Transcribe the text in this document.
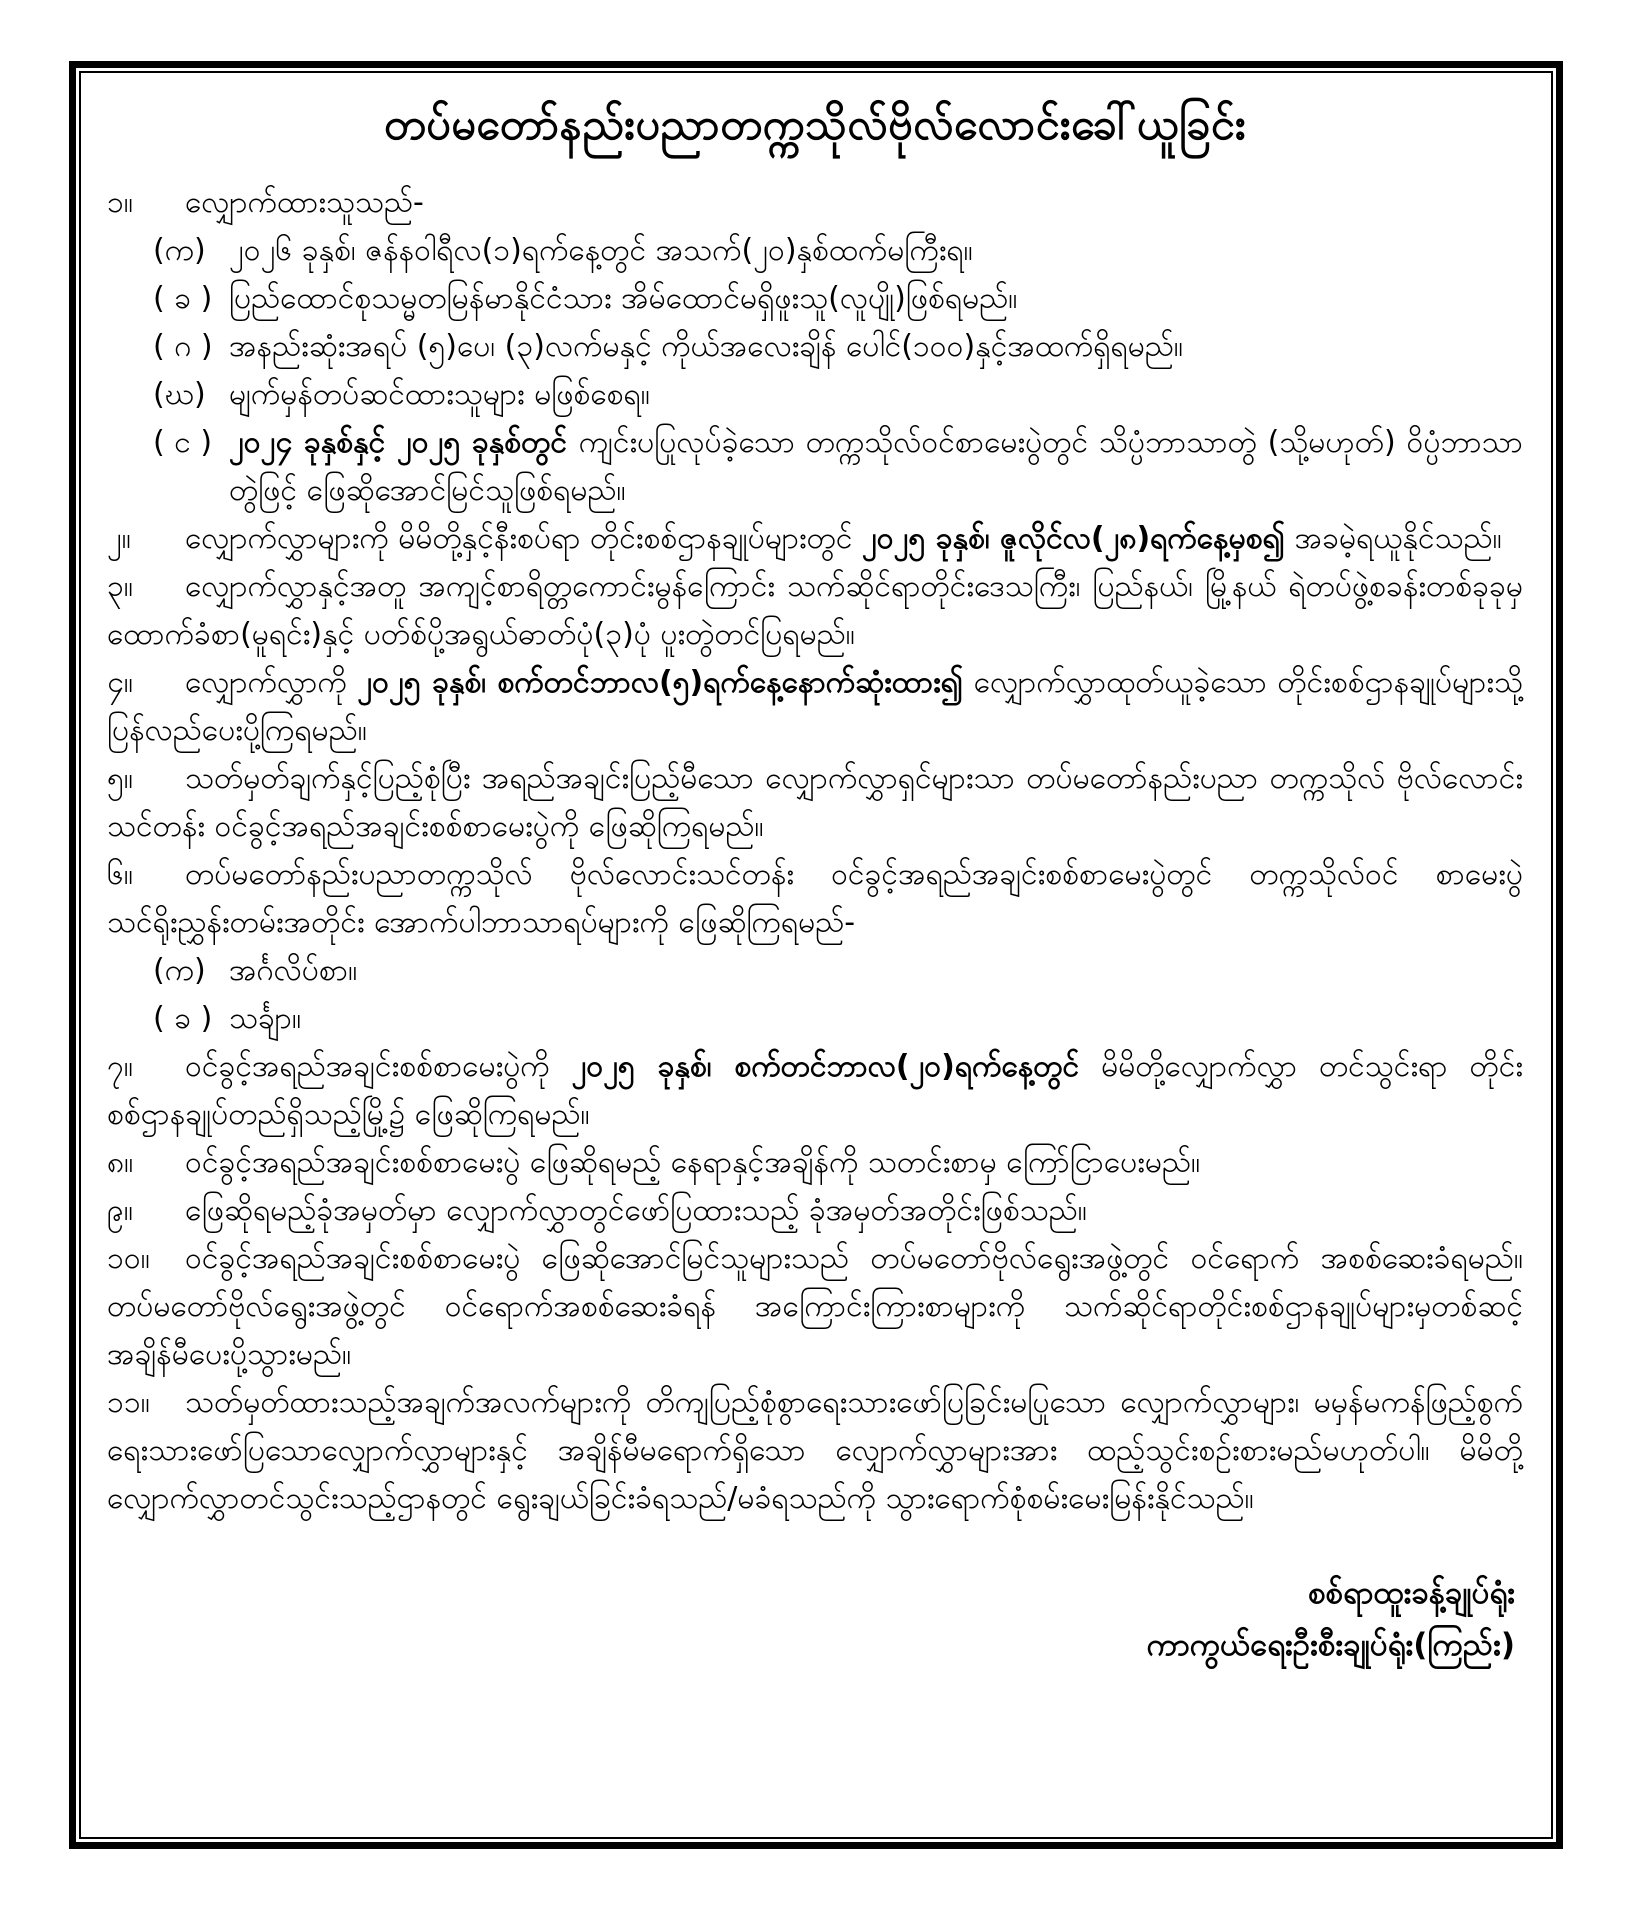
တပ်မတော်နည်းပညာတက္ကသိုလ်ဗိုလ်လောင်းခေါ်ယူခြင်း
၁။ လျှောက်ထားသူသည်-
(က) ၂၀၂၆ ခုနှစ်၊ ဇန်နဝါရီလ(၁)ရက်နေ့တွင် အသက်(၂၀)နှစ်ထက်မကြီးရ။
( ခ ) ပြည်ထောင်စုသမ္မတမြန်မာနိုင်ငံသား အိမ်ထောင်မရှိဖူးသူ(လူပျို)ဖြစ်ရမည်။
( ဂ ) အနည်းဆုံးအရပ် (၅)ပေ၊ (၃)လက်မနှင့် ကိုယ်အလေးချိန် ပေါင်(၁၀၀)နှင့်အထက်ရှိရမည်။
(ဃ) မျက်မှန်တပ်ဆင်ထားသူများ မဖြစ်စေရ။
( င ) ၂၀၂၄ ခုနှစ်နှင့် ၂၀၂၅ ခုနှစ်တွင် ကျင်းပပြုလုပ်ခဲ့သော တက္ကသိုလ်ဝင်စာမေးပွဲတွင် သိပ္ပံဘာသာတွဲ (သို့မဟုတ်) ဝိပ္ပံဘာသာတွဲဖြင့် ဖြေဆိုအောင်မြင်သူဖြစ်ရမည်။
၂။ လျှောက်လွှာများကို မိမိတို့နှင့်နီးစပ်ရာ တိုင်းစစ်ဌာနချုပ်များတွင် ၂၀၂၅ ခုနှစ်၊ ဇူလိုင်လ(၂၈)ရက်နေ့မှစ၍ အခမဲ့ရယူနိုင်သည်။
၃။ လျှောက်လွှာနှင့်အတူ အကျင့်စာရိတ္တကောင်းမွန်ကြောင်း သက်ဆိုင်ရာတိုင်းဒေသကြီး၊ ပြည်နယ်၊ မြို့နယ် ရဲတပ်ဖွဲ့စခန်းတစ်ခုခုမှ ထောက်ခံစာ(မူရင်း)နှင့် ပတ်စ်ပို့အရွယ်ဓာတ်ပုံ(၃)ပုံ ပူးတွဲတင်ပြရမည်။
၄။ လျှောက်လွှာကို ၂၀၂၅ ခုနှစ်၊ စက်တင်ဘာလ(၅)ရက်နေ့နောက်ဆုံးထား၍ လျှောက်လွှာထုတ်ယူခဲ့သော တိုင်းစစ်ဌာနချုပ်များသို့ ပြန်လည်ပေးပို့ကြရမည်။
၅။ သတ်မှတ်ချက်နှင့်ပြည့်စုံပြီး အရည်အချင်းပြည့်မီသော လျှောက်လွှာရှင်များသာ တပ်မတော်နည်းပညာ တက္ကသိုလ် ဗိုလ်လောင်းသင်တန်း ဝင်ခွင့်အရည်အချင်းစစ်စာမေးပွဲကို ဖြေဆိုကြရမည်။
၆။ တပ်မတော်နည်းပညာတက္ကသိုလ် ဗိုလ်လောင်းသင်တန်း ဝင်ခွင့်အရည်အချင်းစစ်စာမေးပွဲတွင် တက္ကသိုလ်ဝင် စာမေးပွဲသင်ရိုးညွှန်းတမ်းအတိုင်း အောက်ပါဘာသာရပ်များကို ဖြေဆိုကြရမည်-
(က) အင်္ဂလိပ်စာ။
( ခ ) သင်္ချာ။
၇။ ဝင်ခွင့်အရည်အချင်းစစ်စာမေးပွဲကို ၂၀၂၅ ခုနှစ်၊ စက်တင်ဘာလ(၂၀)ရက်နေ့တွင် မိမိတို့လျှောက်လွှာ တင်သွင်းရာ တိုင်းစစ်ဌာနချုပ်တည်ရှိသည့်မြို့၌ ဖြေဆိုကြရမည်။
၈။ ဝင်ခွင့်အရည်အချင်းစစ်စာမေးပွဲ ဖြေဆိုရမည့် နေရာနှင့်အချိန်ကို သတင်းစာမှ ကြော်ငြာပေးမည်။
၉။ ဖြေဆိုရမည့်ခုံအမှတ်မှာ လျှောက်လွှာတွင်ဖော်ပြထားသည့် ခုံအမှတ်အတိုင်းဖြစ်သည်။
၁၀။ ဝင်ခွင့်အရည်အချင်းစစ်စာမေးပွဲ ဖြေဆိုအောင်မြင်သူများသည် တပ်မတော်ဗိုလ်ရွေးအဖွဲ့တွင် ဝင်ရောက် အစစ်ဆေးခံရမည်။ တပ်မတော်ဗိုလ်ရွေးအဖွဲ့တွင် ဝင်ရောက်အစစ်ဆေးခံရန် အကြောင်းကြားစာများကို သက်ဆိုင်ရာတိုင်းစစ်ဌာနချုပ်များမှတစ်ဆင့် အချိန်မီပေးပို့သွားမည်။
၁၁။ သတ်မှတ်ထားသည့်အချက်အလက်များကို တိကျပြည့်စုံစွာရေးသားဖော်ပြခြင်းမပြုသော လျှောက်လွှာများ၊ မမှန်မကန်ဖြည့်စွက်ရေးသားဖော်ပြသောလျှောက်လွှာများနှင့် အချိန်မီမရောက်ရှိသော လျှောက်လွှာများအား ထည့်သွင်းစဉ်းစားမည်မဟုတ်ပါ။ မိမိတို့ လျှောက်လွှာတင်သွင်းသည့်ဌာနတွင် ရွေးချယ်ခြင်းခံရသည်/မခံရသည်ကို သွားရောက်စုံစမ်းမေးမြန်းနိုင်သည်။
စစ်ရာထူးခန့်ချုပ်ရုံး
ကာကွယ်ရေးဦးစီးချုပ်ရုံး(ကြည်း)
